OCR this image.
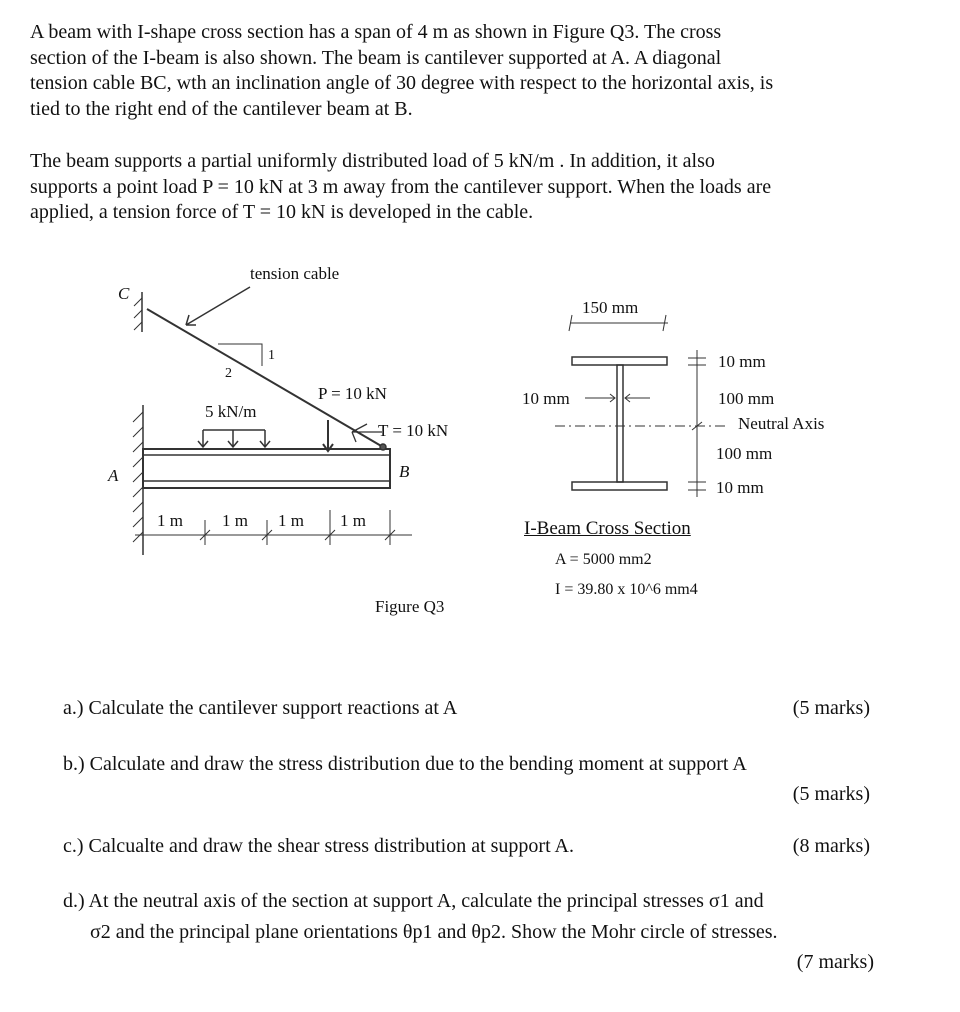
A beam with I-shape cross section has a span of 4 m as shown in Figure Q3. The cross
section of the I-beam is also shown. The beam is cantilever supported at A. A diagonal
tension cable BC, wth an inclination angle of 30 degree with respect to the horizontal axis, is
tied to the right end of the cantilever beam at B.
The beam supports a partial uniformly distributed load of 5 kN/m . In addition, it also
supports a point load P = 10 kN at 3 m away from the cantilever support. When the loads are
applied, a tension force of T = 10 kN is developed in the cable.
tension cable
C
A	B
2
1
5 kN/m
P = 10 kN
T = 10 kN
1 m 1 m 1 m 1 m
Figure Q3
150 mm
10 mm
10 mm	100 mm
Neutral Axis
100 mm
10 mm
I-Beam Cross Section
A = 5000 mm2
I = 39.80 x 10^6 mm4
a.) Calculate the cantilever support reactions at A	(5 marks)
b.) Calculate and draw the stress distribution due to the bending moment at support A
(5 marks)
c.) Calcualte and draw the shear stress distribution at support A.	(8 marks)
d.) At the neutral axis of the section at support A, calculate the principal stresses σ1 and
σ2 and the principal plane orientations θp1 and θp2. Show the Mohr circle of stresses.
(7 marks)
